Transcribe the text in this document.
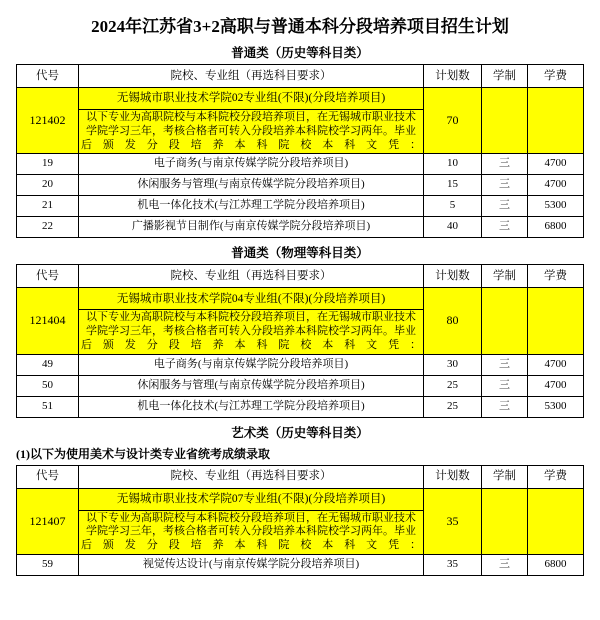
2024年江苏省3+2高职与普通本科分段培养项目招生计划
普通类（历史等科目类）
代号	院校、专业组（再选科目要求）	计划数	学制	学费
121402	无锡城市职业技术学院02专业组(不限)(分段培养项目)	70		
	以下专业为高职院校与本科院校分段培养项目，在无锡城市职业技术学院学习三年，考核合格者可转入分段培养本科院校学习两年。毕业后颁发分段培养本科院校本科文凭：			
19	电子商务(与南京传媒学院分段培养项目)	10	三	4700
20	休闲服务与管理(与南京传媒学院分段培养项目)	15	三	4700
21	机电一体化技术(与江苏理工学院分段培养项目)	5	三	5300
22	广播影视节目制作(与南京传媒学院分段培养项目)	40	三	6800
普通类（物理等科目类）
代号	院校、专业组（再选科目要求）	计划数	学制	学费
121404	无锡城市职业技术学院04专业组(不限)(分段培养项目)	80		
	以下专业为高职院校与本科院校分段培养项目，在无锡城市职业技术学院学习三年，考核合格者可转入分段培养本科院校学习两年。毕业后颁发分段培养本科院校本科文凭：			
49	电子商务(与南京传媒学院分段培养项目)	30	三	4700
50	休闲服务与管理(与南京传媒学院分段培养项目)	25	三	4700
51	机电一体化技术(与江苏理工学院分段培养项目)	25	三	5300
艺术类（历史等科目类）
(1)以下为使用美术与设计类专业省统考成绩录取
代号	院校、专业组（再选科目要求）	计划数	学制	学费
121407	无锡城市职业技术学院07专业组(不限)(分段培养项目)	35		
	以下专业为高职院校与本科院校分段培养项目，在无锡城市职业技术学院学习三年，考核合格者可转入分段培养本科院校学习两年。毕业后颁发分段培养本科院校本科文凭：			
59	视觉传达设计(与南京传媒学院分段培养项目)	35	三	6800
